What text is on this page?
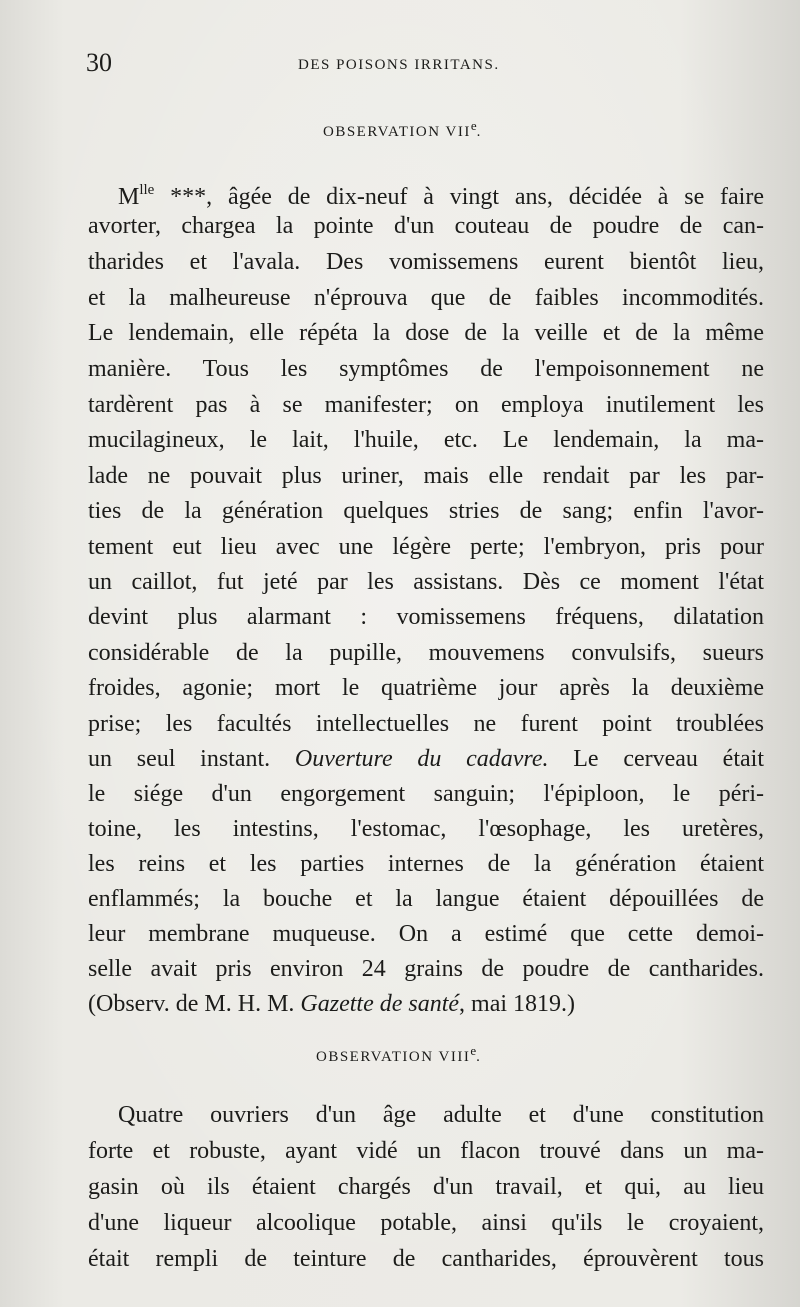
30	DES POISONS IRRITANS.
OBSERVATION VIIe.
$M^{lle}$ ***, âgée de dix-neuf à vingt ans, décidée à se faire
avorter, chargea la pointe d'un couteau de poudre de can-
tharides et l'avala. Des vomissemens eurent bientôt lieu,
et la malheureuse n'éprouva que de faibles incommodités.
Le lendemain, elle répéta la dose de la veille et de la même
manière. Tous les symptômes de l'empoisonnement ne
tardèrent pas à se manifester; on employa inutilement les
mucilagineux, le lait, l'huile, etc. Le lendemain, la ma-
lade ne pouvait plus uriner, mais elle rendait par les par-
ties de la génération quelques stries de sang; enfin l'avor-
tement eut lieu avec une légère perte; l'embryon, pris pour
un caillot, fut jeté par les assistans. Dès ce moment l'état
devint plus alarmant : vomissemens fréquens, dilatation
considérable de la pupille, mouvemens convulsifs, sueurs
froides, agonie; mort le quatrième jour après la deuxième
prise; les facultés intellectuelles ne furent point troublées
un seul instant. Ouverture du cadavre. Le cerveau était
le siége d'un engorgement sanguin; l'épiploon, le péri-
toine, les intestins, l'estomac, l'œsophage, les uretères,
les reins et les parties internes de la génération étaient
enflammés; la bouche et la langue étaient dépouillées de
leur membrane muqueuse. On a estimé que cette demoi-
selle avait pris environ 24 grains de poudre de cantharides.
(Observ. de M. H. M. Gazette de santé, mai 1819.)
OBSERVATION VIIIe.
Quatre ouvriers d'un âge adulte et d'une constitution
forte et robuste, ayant vidé un flacon trouvé dans un ma-
gasin où ils étaient chargés d'un travail, et qui, au lieu
d'une liqueur alcoolique potable, ainsi qu'ils le croyaient,
était rempli de teinture de cantharides, éprouvèrent tous
